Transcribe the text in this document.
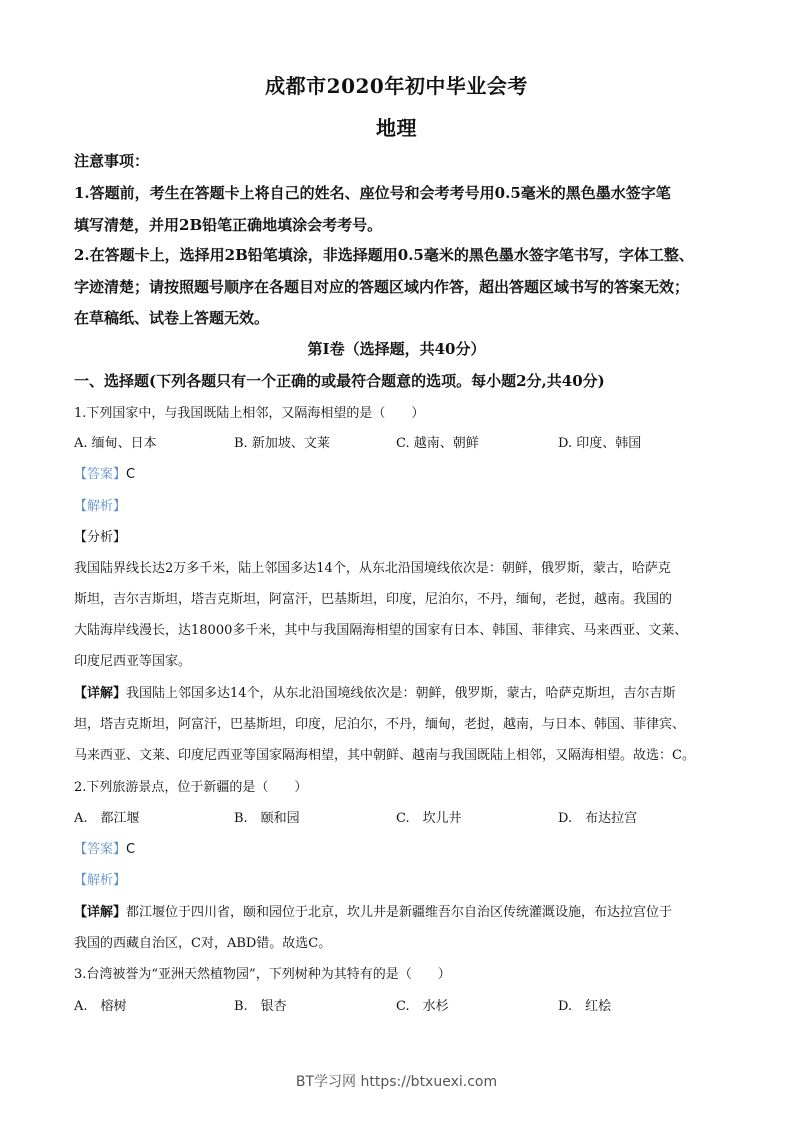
成都市2020年初中毕业会考
地理
注意事项：
1.答题前，考生在答题卡上将自己的姓名、座位号和会考考号用0.5毫米的黑色墨水签字笔
填写清楚，并用2B铅笔正确地填涂会考考号。
2.在答题卡上，选择用2B铅笔填涂，非选择题用0.5毫米的黑色墨水签字笔书写，字体工整、
字迹清楚；请按照题号顺序在各题目对应的答题区域内作答，超出答题区域书写的答案无效；
在草稿纸、试卷上答题无效。
第Ⅰ卷（选择题，共40分）
一、选择题(下列各题只有一个正确的或最符合题意的选项。每小题2分,共40分)
1.下列国家中，与我国既陆上相邻，又隔海相望的是（　　）
A. 缅甸、日本	B. 新加坡、文莱	C. 越南、朝鲜	D. 印度、韩国
【答案】C
【解析】
【分析】
我国陆界线长达2万多千米，陆上邻国多达14个，从东北沿国境线依次是：朝鲜，俄罗斯，蒙古，哈萨克
斯坦，吉尔吉斯坦，塔吉克斯坦，阿富汗，巴基斯坦，印度，尼泊尔，不丹，缅甸，老挝，越南。我国的
大陆海岸线漫长，达18000多千米，其中与我国隔海相望的国家有日本、韩国、菲律宾、马来西亚、文莱、
印度尼西亚等国家。
【详解】我国陆上邻国多达14个，从东北沿国境线依次是：朝鲜，俄罗斯，蒙古，哈萨克斯坦，吉尔吉斯
坦，塔吉克斯坦，阿富汗，巴基斯坦，印度，尼泊尔，不丹，缅甸，老挝，越南，与日本、韩国、菲律宾、
马来西亚、文莱、印度尼西亚等国家隔海相望，其中朝鲜、越南与我国既陆上相邻，又隔海相望。故选：C。
2.下列旅游景点，位于新疆的是（　　）
A.　都江堰	B.　颐和园	C.　坎儿井	D.　布达拉宫
【答案】C
【解析】
【详解】都江堰位于四川省，颐和园位于北京，坎儿井是新疆维吾尔自治区传统灌溉设施，布达拉宫位于
我国的西藏自治区，C对，ABD错。故选C。
3.台湾被誉为“亚洲天然植物园”，下列树种为其特有的是（　　）
A.　榕树	B.　银杏	C.　水杉	D.　红桧
BT学习网 https://btxuexi.com
